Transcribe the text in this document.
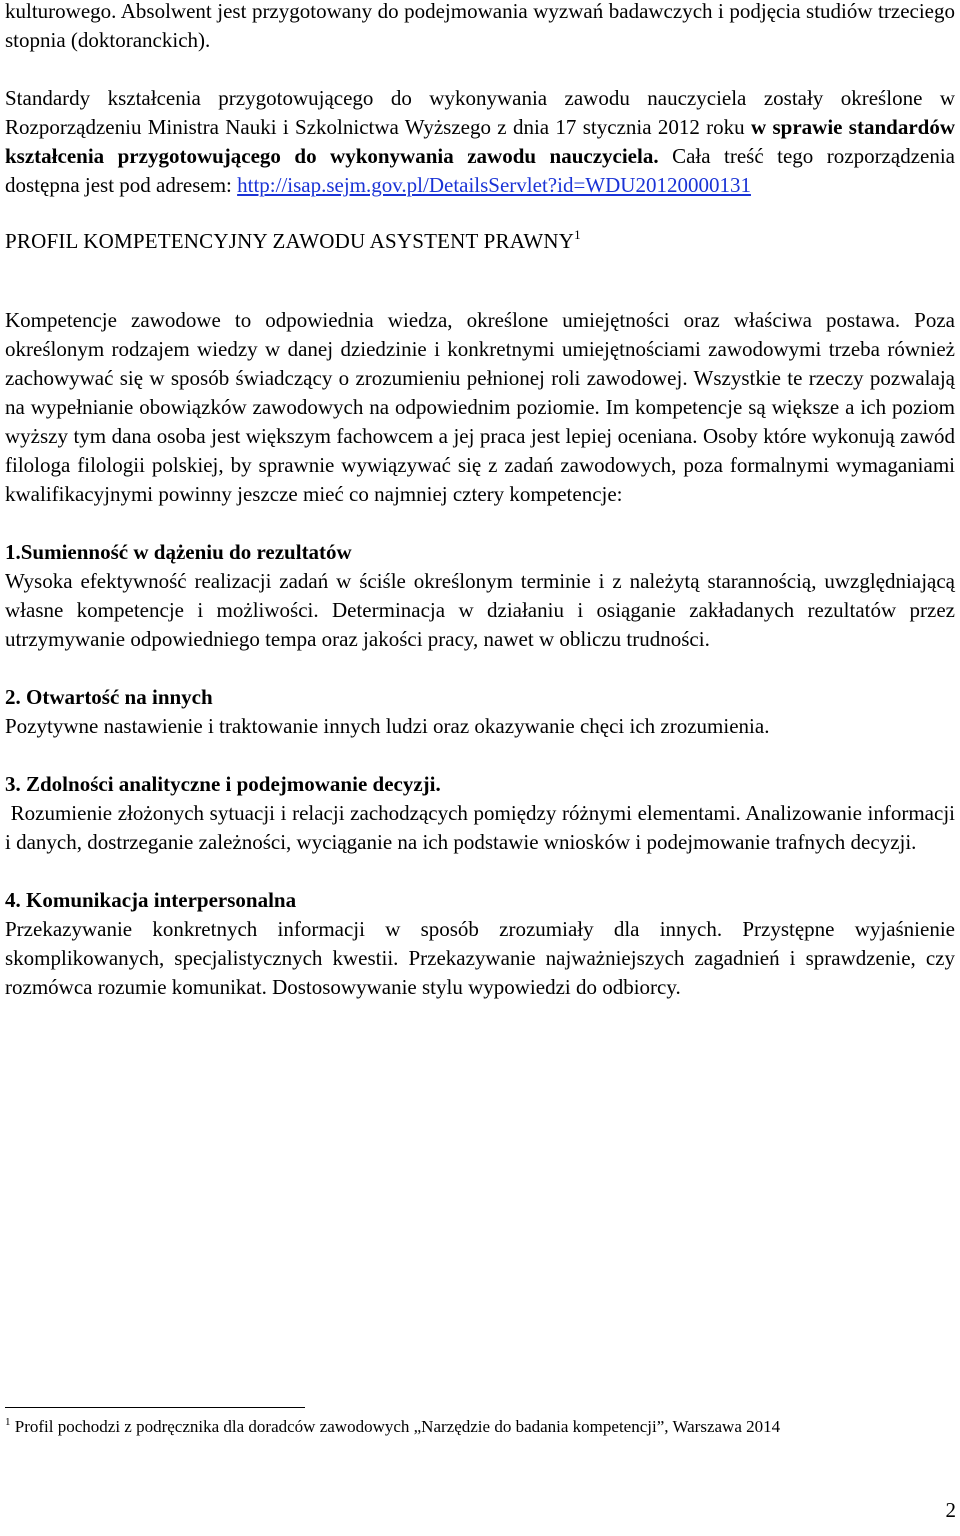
kulturowego. Absolwent jest przygotowany do podejmowania wyzwań badawczych i podjęcia studiów trzeciego stopnia (doktoranckich).

Standardy kształcenia przygotowującego do wykonywania zawodu nauczyciela zostały określone w Rozporządzeniu Ministra Nauki i Szkolnictwa Wyższego z dnia 17 stycznia 2012 roku w sprawie standardów kształcenia przygotowującego do wykonywania zawodu nauczyciela. Cała treść tego rozporządzenia dostępna jest pod adresem: http://isap.sejm.gov.pl/DetailsServlet?id=WDU20120000131

PROFIL KOMPETENCYJNY ZAWODU ASYSTENT PRAWNY$^1$

Kompetencje zawodowe to odpowiednia wiedza, określone umiejętności oraz właściwa postawa. Poza określonym rodzajem wiedzy w danej dziedzinie i konkretnymi umiejętnościami zawodowymi trzeba również zachowywać się w sposób świadczący o zrozumieniu pełnionej roli zawodowej. Wszystkie te rzeczy pozwalają na wypełnianie obowiązków zawodowych na odpowiednim poziomie. Im kompetencje są większe a ich poziom wyższy tym dana osoba jest większym fachowcem a jej praca jest lepiej oceniana. Osoby które wykonują zawód filologa filologii polskiej, by sprawnie wywiązywać się z zadań zawodowych, poza formalnymi wymaganiami kwalifikacyjnymi powinny jeszcze mieć co najmniej cztery kompetencje:

1.Sumienność w dążeniu do rezultatów

Wysoka efektywność realizacji zadań w ściśle określonym terminie i z należytą starannością, uwzględniającą własne kompetencje i możliwości. Determinacja w działaniu i osiąganie zakładanych rezultatów przez utrzymywanie odpowiedniego tempa oraz jakości pracy, nawet w obliczu trudności.

2. Otwartość na innych

Pozytywne nastawienie i traktowanie innych ludzi oraz okazywanie chęci ich zrozumienia.

3. Zdolności analityczne i podejmowanie decyzji.

Rozumienie złożonych sytuacji i relacji zachodzących pomiędzy różnymi elementami. Analizowanie informacji i danych, dostrzeganie zależności, wyciąganie na ich podstawie wniosków i podejmowanie trafnych decyzji.

4. Komunikacja interpersonalna

Przekazywanie konkretnych informacji w sposób zrozumiały dla innych. Przystępne wyjaśnienie skomplikowanych, specjalistycznych kwestii. Przekazywanie najważniejszych zagadnień i sprawdzenie, czy rozmówca rozumie komunikat. Dostosowywanie stylu wypowiedzi do odbiorcy.

$^1$ Profil pochodzi z podręcznika dla doradców zawodowych „Narzędzie do badania kompetencji”, Warszawa 2014
2
